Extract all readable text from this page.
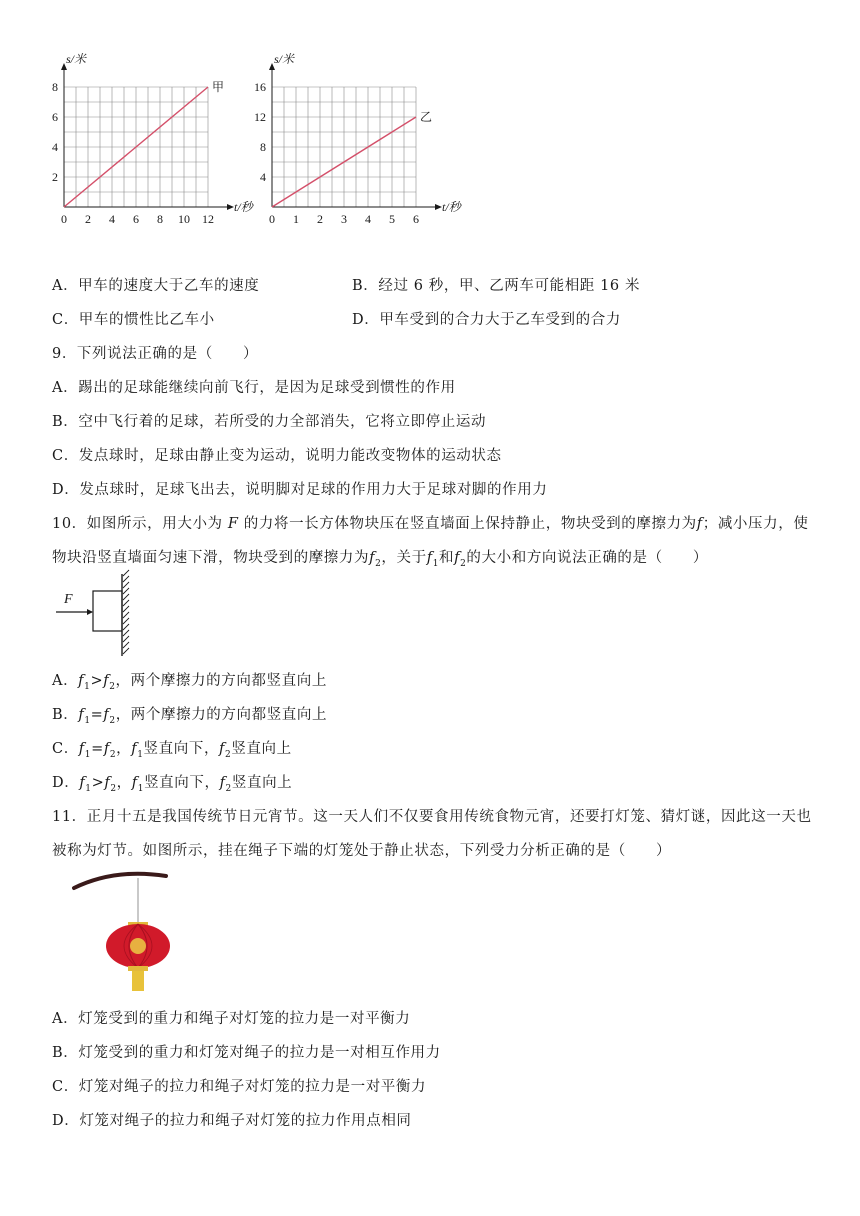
0 2 4 6 8 10 12
2
4
6
8
t/秒
s/米
甲
0 1 2 3 4 5 6
4
8
12
16
t/秒
s/米
乙
A．甲车的速度大于乙车的速度	B．经过 6 秒，甲、乙两车可能相距 16 米
C．甲车的惯性比乙车小	D．甲车受到的合力大于乙车受到的合力
9．下列说法正确的是（　　）
A．踢出的足球能继续向前飞行，是因为足球受到惯性的作用
B．空中飞行着的足球，若所受的力全部消失，它将立即停止运动
C．发点球时，足球由静止变为运动，说明力能改变物体的运动状态
D．发点球时，足球飞出去，说明脚对足球的作用力大于足球对脚的作用力
10．如图所示，用大小为 F 的力将一长方体物块压在竖直墙面上保持静止，物块受到的摩擦力为f；减小压力，使
物块沿竖直墙面匀速下滑，物块受到的摩擦力为$f_2$，关于$f_1$和$f_2$的大小和方向说法正确的是（　　）
F
A．$f_1>f_2$，两个摩擦力的方向都竖直向上
B．$f_1=f_2$，两个摩擦力的方向都竖直向上
C．$f_1=f_2$，$f_1$竖直向下，$f_2$竖直向上
D．$f_1>f_2$，$f_1$竖直向下，$f_2$竖直向上
11．正月十五是我国传统节日元宵节。这一天人们不仅要食用传统食物元宵，还要打灯笼、猜灯谜，因此这一天也
被称为灯节。如图所示，挂在绳子下端的灯笼处于静止状态，下列受力分析正确的是（　　）
A．灯笼受到的重力和绳子对灯笼的拉力是一对平衡力
B．灯笼受到的重力和灯笼对绳子的拉力是一对相互作用力
C．灯笼对绳子的拉力和绳子对灯笼的拉力是一对平衡力
D．灯笼对绳子的拉力和绳子对灯笼的拉力作用点相同
